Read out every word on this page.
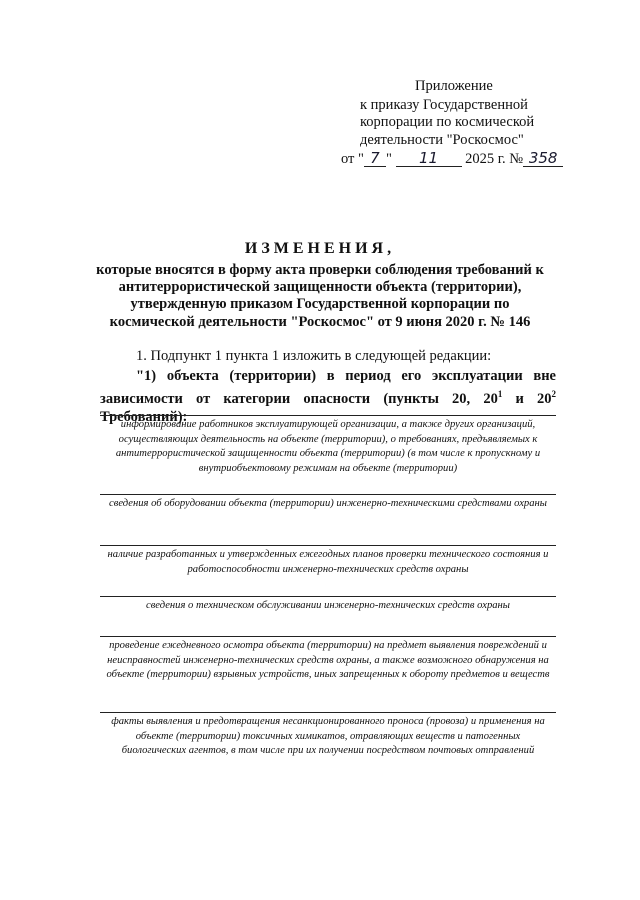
Приложение
к приказу Государственной
корпорации по космической
деятельности "Роскосмос"
от " 7 " 11 2025 г. № 358
ИЗМЕНЕНИЯ,
которые вносятся в форму акта проверки соблюдения требований к антитеррористической защищенности объекта (территории), утвержденную приказом Государственной корпорации по космической деятельности "Роскосмос" от 9 июня 2020 г. № 146
1. Подпункт 1 пункта 1 изложить в следующей редакции:
"1) объекта (территории) в период его эксплуатации вне зависимости от категории опасности (пункты 20, $20^1$ и $20^2$ Требований):
информирование работников эксплуатирующей организации, а также других организаций, осуществляющих деятельность на объекте (территории), о требованиях, предъявляемых к антитеррористической защищенности объекта (территории) (в том числе к пропускному и внутриобъектовому режимам на объекте (территории)
сведения об оборудовании объекта (территории) инженерно-техническими средствами охраны
наличие разработанных и утвержденных ежегодных планов проверки технического состояния и работоспособности инженерно-технических средств охраны
сведения о техническом обслуживании инженерно-технических средств охраны
проведение ежедневного осмотра объекта (территории) на предмет выявления повреждений и неисправностей инженерно-технических средств охраны, а также возможного обнаружения на объекте (территории) взрывных устройств, иных запрещенных к обороту предметов и веществ
факты выявления и предотвращения несанкционированного проноса (провоза) и применения на объекте (территории) токсичных химикатов, отравляющих веществ и патогенных биологических агентов, в том числе при их получении посредством почтовых отправлений
